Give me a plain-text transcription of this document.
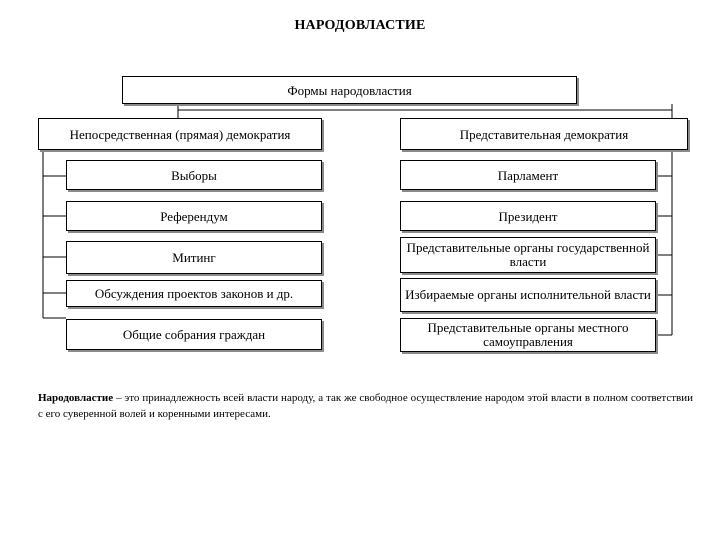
НАРОДОВЛАСТИЕ
Формы народовластия
Непосредственная (прямая) демократия
Выборы
Референдум
Митинг
Обсуждения проектов законов и др.
Общие собрания граждан
Представительная демократия
Парламент
Президент
Представительные органы государственной власти
Избираемые органы исполнительной власти
Представительные органы местного самоуправления
Народовластие – это принадлежность всей власти народу, а так же свободное осуществление народом этой власти в полном соответствии с его суверенной волей и коренными интересами.
